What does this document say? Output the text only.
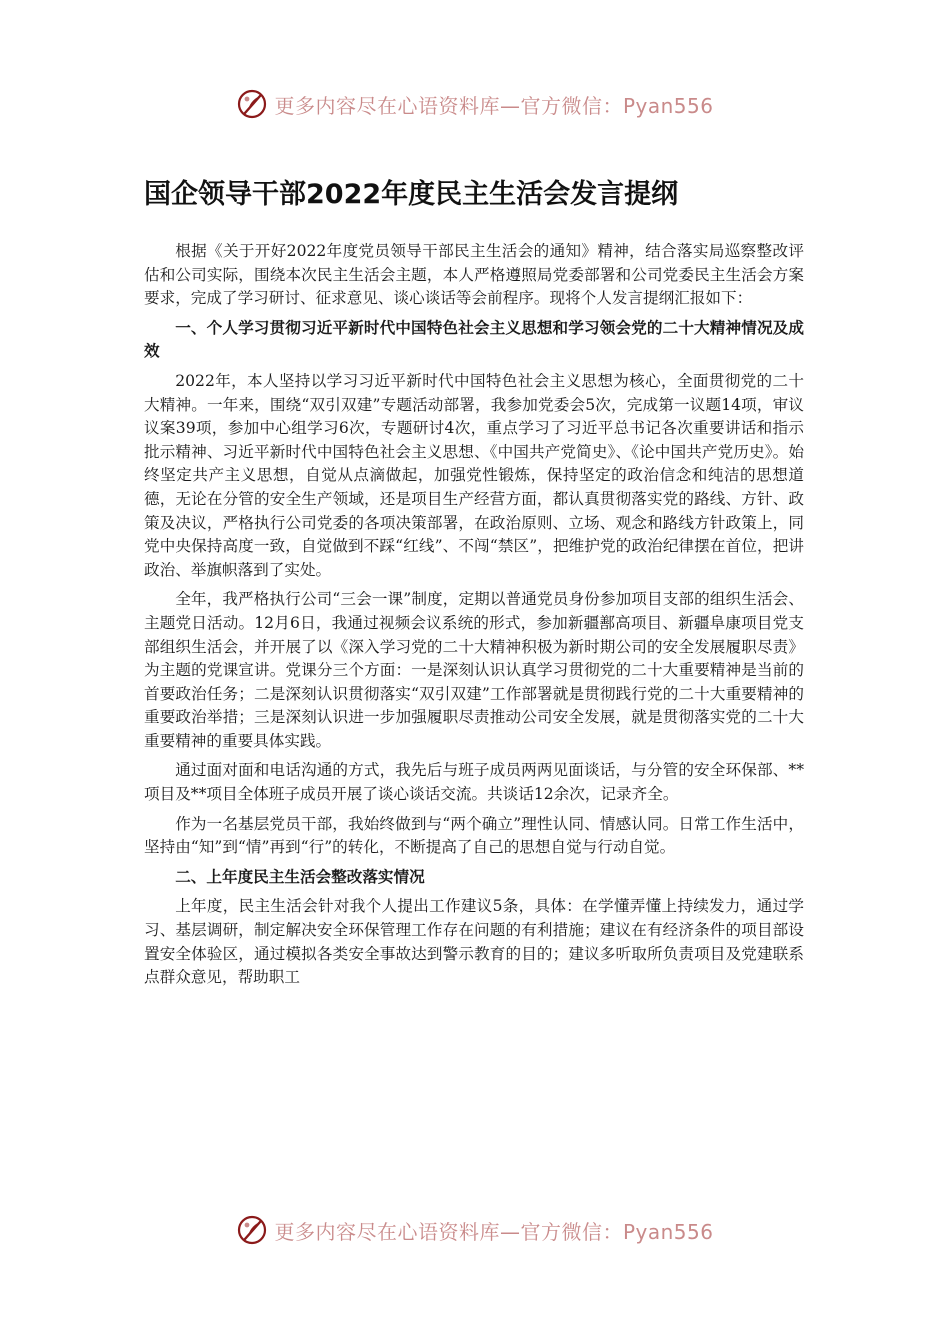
更多内容尽在心语资料库—官方微信：Pyan556
国企领导干部2022年度民主生活会发言提纲

根据《关于开好2022年度党员领导干部民主生活会的通知》精神，结合落实局巡察整改评估和公司实际，围绕本次民主生活会主题，本人严格遵照局党委部署和公司党委民主生活会方案要求，完成了学习研讨、征求意见、谈心谈话等会前程序。现将个人发言提纲汇报如下：

一、个人学习贯彻习近平新时代中国特色社会主义思想和学习领会党的二十大精神情况及成效

2022年，本人坚持以学习习近平新时代中国特色社会主义思想为核心，全面贯彻党的二十大精神。一年来，围绕“双引双建”专题活动部署，我参加党委会5次，完成第一议题14项，审议议案39项，参加中心组学习6次，专题研讨4次，重点学习了习近平总书记各次重要讲话和指示批示精神、习近平新时代中国特色社会主义思想、《中国共产党简史》、《论中国共产党历史》。始终坚定共产主义思想，自觉从点滴做起，加强党性锻炼，保持坚定的政治信念和纯洁的思想道德，无论在分管的安全生产领域，还是项目生产经营方面，都认真贯彻落实党的路线、方针、政策及决议，严格执行公司党委的各项决策部署，在政治原则、立场、观念和路线方针政策上，同党中央保持高度一致，自觉做到不踩“红线”、不闯“禁区”，把维护党的政治纪律摆在首位，把讲政治、举旗帜落到了实处。

全年，我严格执行公司“三会一课”制度，定期以普通党员身份参加项目支部的组织生活会、主题党日活动。12月6日，我通过视频会议系统的形式，参加新疆鄯高项目、新疆阜康项目党支部组织生活会，并开展了以《深入学习党的二十大精神积极为新时期公司的安全发展履职尽责》为主题的党课宣讲。党课分三个方面：一是深刻认识认真学习贯彻党的二十大重要精神是当前的首要政治任务；二是深刻认识贯彻落实“双引双建”工作部署就是贯彻践行党的二十大重要精神的重要政治举措；三是深刻认识进一步加强履职尽责推动公司安全发展，就是贯彻落实党的二十大重要精神的重要具体实践。

通过面对面和电话沟通的方式，我先后与班子成员两两见面谈话，与分管的安全环保部、**项目及**项目全体班子成员开展了谈心谈话交流。共谈话12余次，记录齐全。

作为一名基层党员干部，我始终做到与“两个确立”理性认同、情感认同。日常工作生活中，坚持由“知”到“情”再到“行”的转化，不断提高了自己的思想自觉与行动自觉。

二、上年度民主生活会整改落实情况

上年度，民主生活会针对我个人提出工作建议5条，具体：在学懂弄懂上持续发力，通过学习、基层调研，制定解决安全环保管理工作存在问题的有利措施；建议在有经济条件的项目部设置安全体验区，通过模拟各类安全事故达到警示教育的目的；建议多听取所负责项目及党建联系点群众意见，帮助职工

更多内容尽在心语资料库—官方微信：Pyan556
